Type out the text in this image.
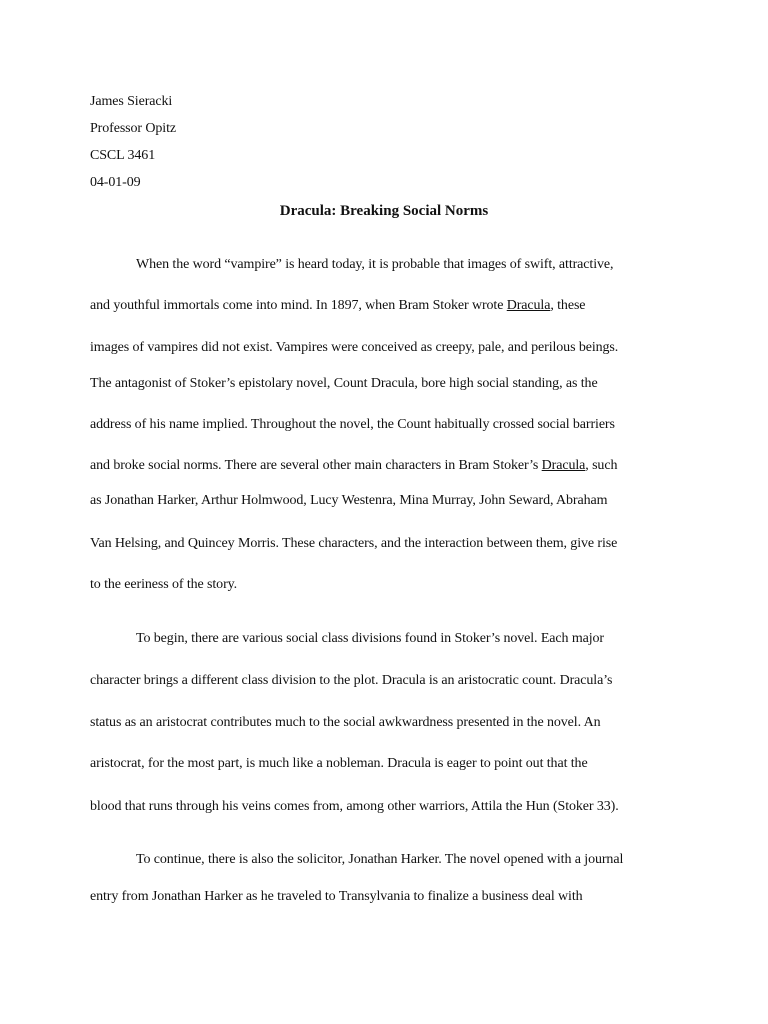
James Sieracki
Professor Opitz
CSCL 3461
04-01-09
Dracula: Breaking Social Norms
When the word “vampire” is heard today, it is probable that images of swift, attractive,
and youthful immortals come into mind. In 1897, when Bram Stoker wrote Dracula, these
images of vampires did not exist. Vampires were conceived as creepy, pale, and perilous beings.
The antagonist of Stoker’s epistolary novel, Count Dracula, bore high social standing, as the
address of his name implied. Throughout the novel, the Count habitually crossed social barriers
and broke social norms. There are several other main characters in Bram Stoker’s Dracula, such
as Jonathan Harker, Arthur Holmwood, Lucy Westenra, Mina Murray, John Seward, Abraham
Van Helsing, and Quincey Morris. These characters, and the interaction between them, give rise
to the eeriness of the story.
To begin, there are various social class divisions found in Stoker’s novel. Each major
character brings a different class division to the plot. Dracula is an aristocratic count. Dracula’s
status as an aristocrat contributes much to the social awkwardness presented in the novel. An
aristocrat, for the most part, is much like a nobleman. Dracula is eager to point out that the
blood that runs through his veins comes from, among other warriors, Attila the Hun (Stoker 33).
To continue, there is also the solicitor, Jonathan Harker. The novel opened with a journal
entry from Jonathan Harker as he traveled to Transylvania to finalize a business deal with
